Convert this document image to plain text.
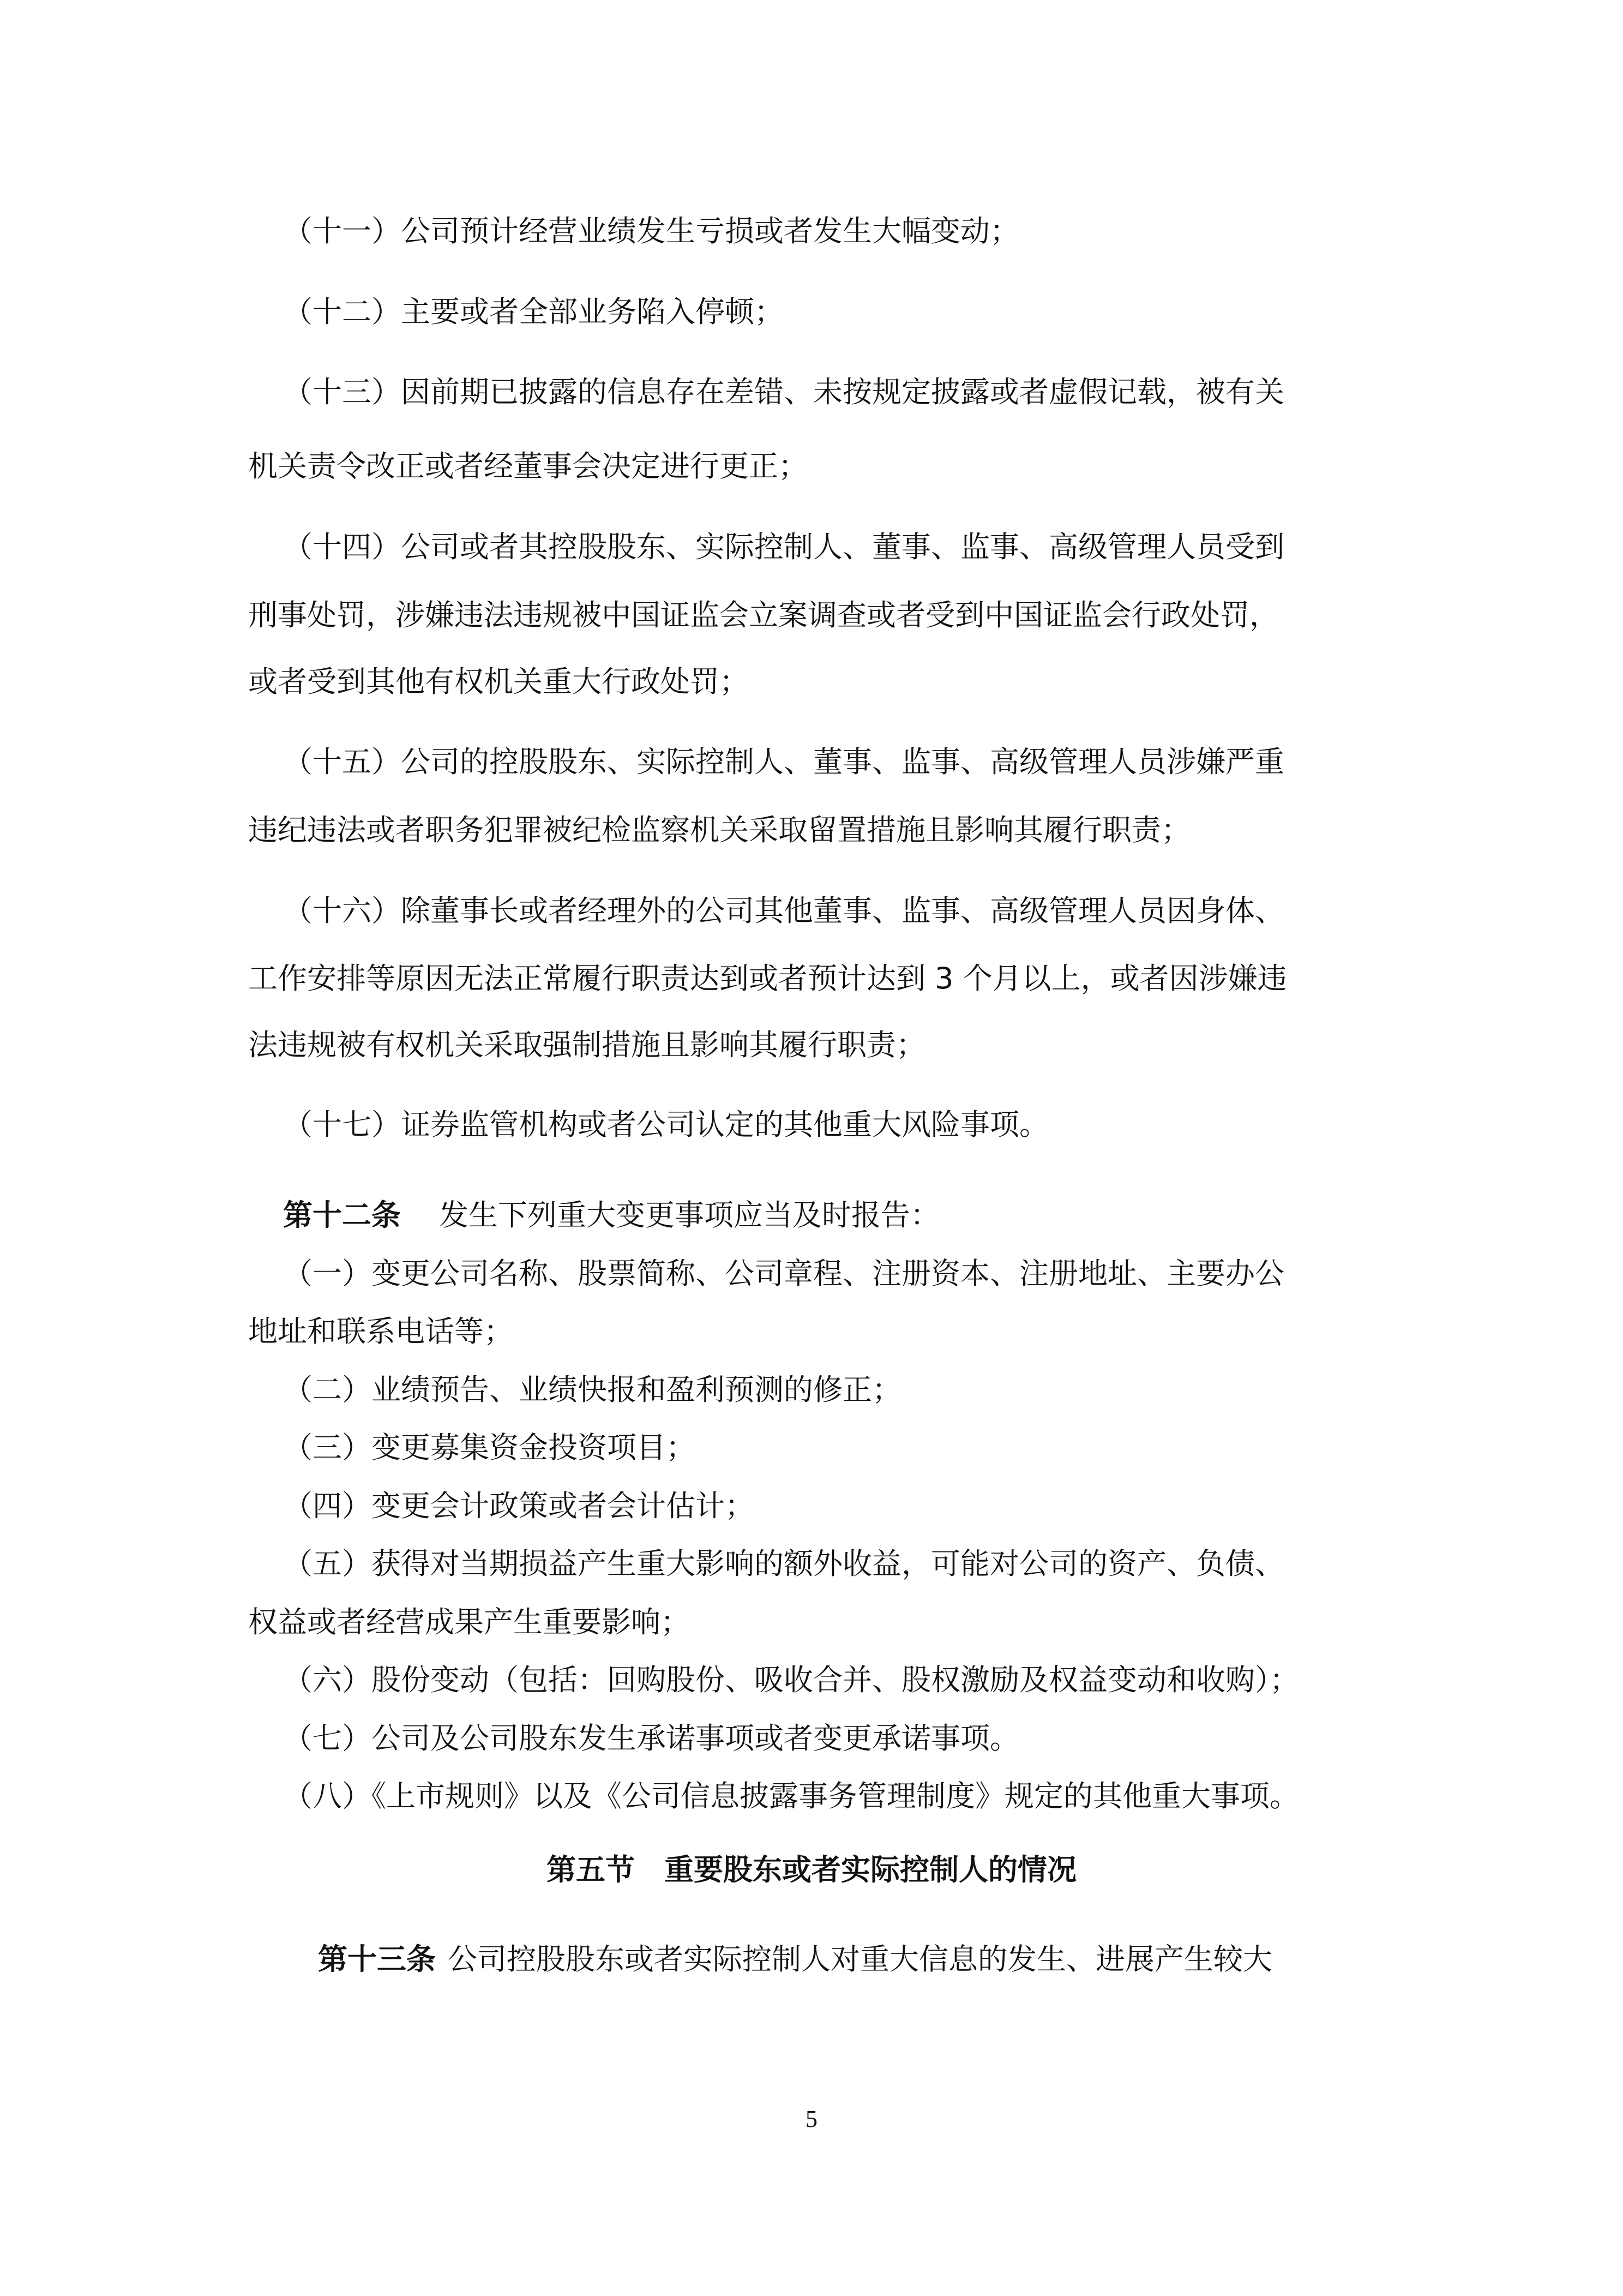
（十一）公司预计经营业绩发生亏损或者发生大幅变动；
（十二）主要或者全部业务陷入停顿；
（十三）因前期已披露的信息存在差错、未按规定披露或者虚假记载，被有关
机关责令改正或者经董事会决定进行更正；
（十四）公司或者其控股股东、实际控制人、董事、监事、高级管理人员受到
刑事处罚，涉嫌违法违规被中国证监会立案调查或者受到中国证监会行政处罚，
或者受到其他有权机关重大行政处罚；
（十五）公司的控股股东、实际控制人、董事、监事、高级管理人员涉嫌严重
违纪违法或者职务犯罪被纪检监察机关采取留置措施且影响其履行职责；
（十六）除董事长或者经理外的公司其他董事、监事、高级管理人员因身体、
工作安排等原因无法正常履行职责达到或者预计达到 3 个月以上，或者因涉嫌违
法违规被有权机关采取强制措施且影响其履行职责；
（十七）证券监管机构或者公司认定的其他重大风险事项。
第十二条 发生下列重大变更事项应当及时报告：
（一）变更公司名称、股票简称、公司章程、注册资本、注册地址、主要办公
地址和联系电话等；
（二）业绩预告、业绩快报和盈利预测的修正；
（三）变更募集资金投资项目；
（四）变更会计政策或者会计估计；
（五）获得对当期损益产生重大影响的额外收益，可能对公司的资产、负债、
权益或者经营成果产生重要影响；
（六）股份变动（包括：回购股份、吸收合并、股权激励及权益变动和收购）；
（七）公司及公司股东发生承诺事项或者变更承诺事项。
（八）《上市规则》以及《公司信息披露事务管理制度》规定的其他重大事项。
第五节　重要股东或者实际控制人的情况
第十三条 公司控股股东或者实际控制人对重大信息的发生、进展产生较大
5
